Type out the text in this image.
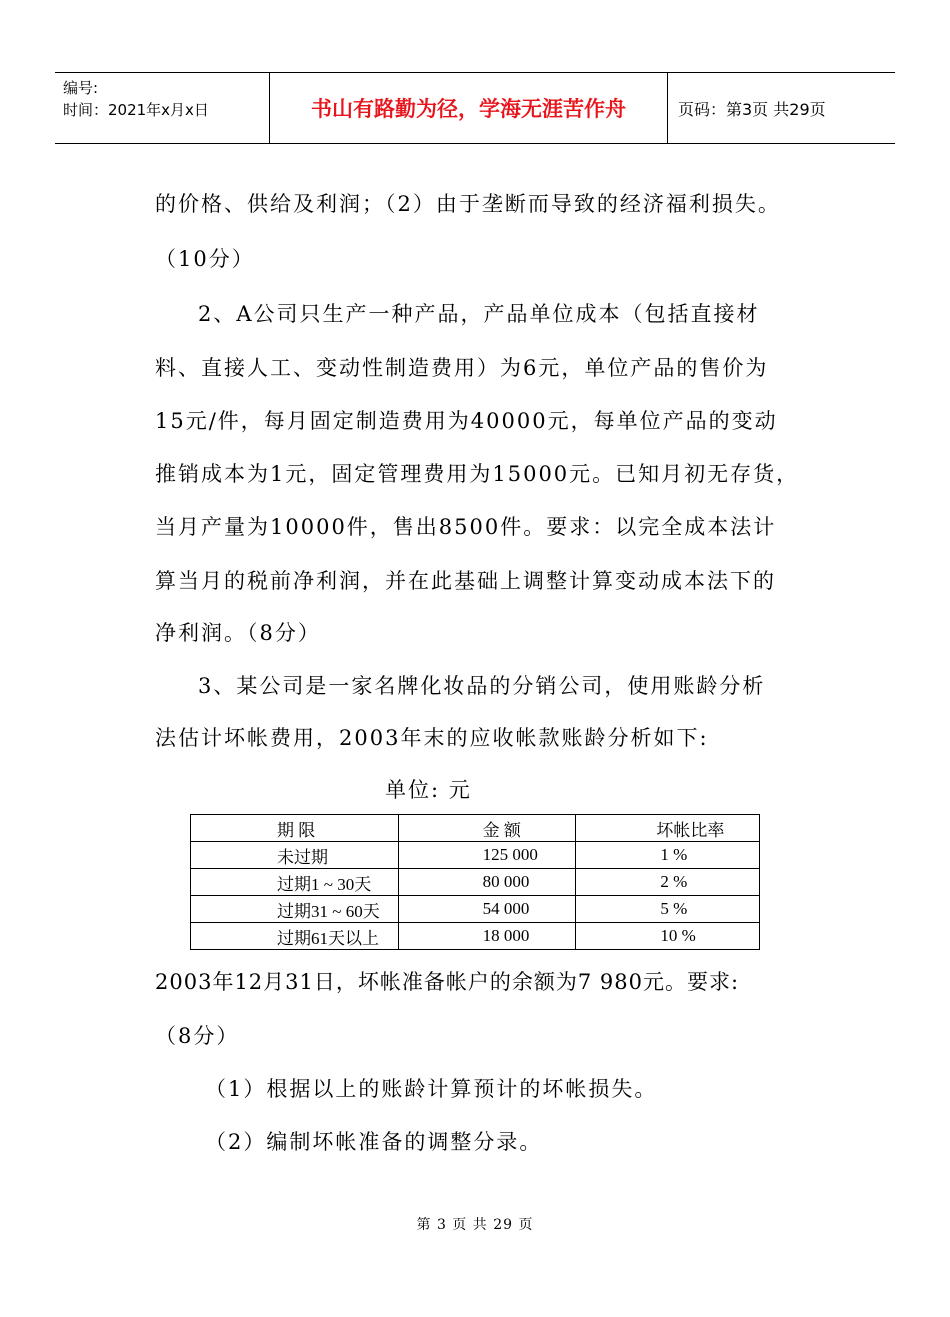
编号:
时间：2021年x月x日	书山有路勤为径，学海无涯苦作舟	页码：第3页 共29页
的价格、供给及利润；（2）由于垄断而导致的经济福利损失。
（10分）
2、A公司只生产一种产品，产品单位成本（包括直接材
料、直接人工、变动性制造费用）为6元，单位产品的售价为
15元/件，每月固定制造费用为40000元，每单位产品的变动
推销成本为1元，固定管理费用为15000元。已知月初无存货，
当月产量为10000件，售出8500件。要求：以完全成本法计
算当月的税前净利润，并在此基础上调整计算变动成本法下的
净利润。（8分）
3、某公司是一家名牌化妆品的分销公司，使用账龄分析
法估计坏帐费用，2003年末的应收帐款账龄分析如下:
单位: 元
期 限	金 额	坏帐比率
未过期	125 000	1 %
过期1 ~ 30天	80 000	2 %
过期31 ~ 60天	54 000	5 %
过期61天以上	18 000	10 %
2003年12月31日，坏帐准备帐户的余额为7 980元。要求:
（8分）
（1）根据以上的账龄计算预计的坏帐损失。
（2）编制坏帐准备的调整分录。
第 3 页 共 29 页
